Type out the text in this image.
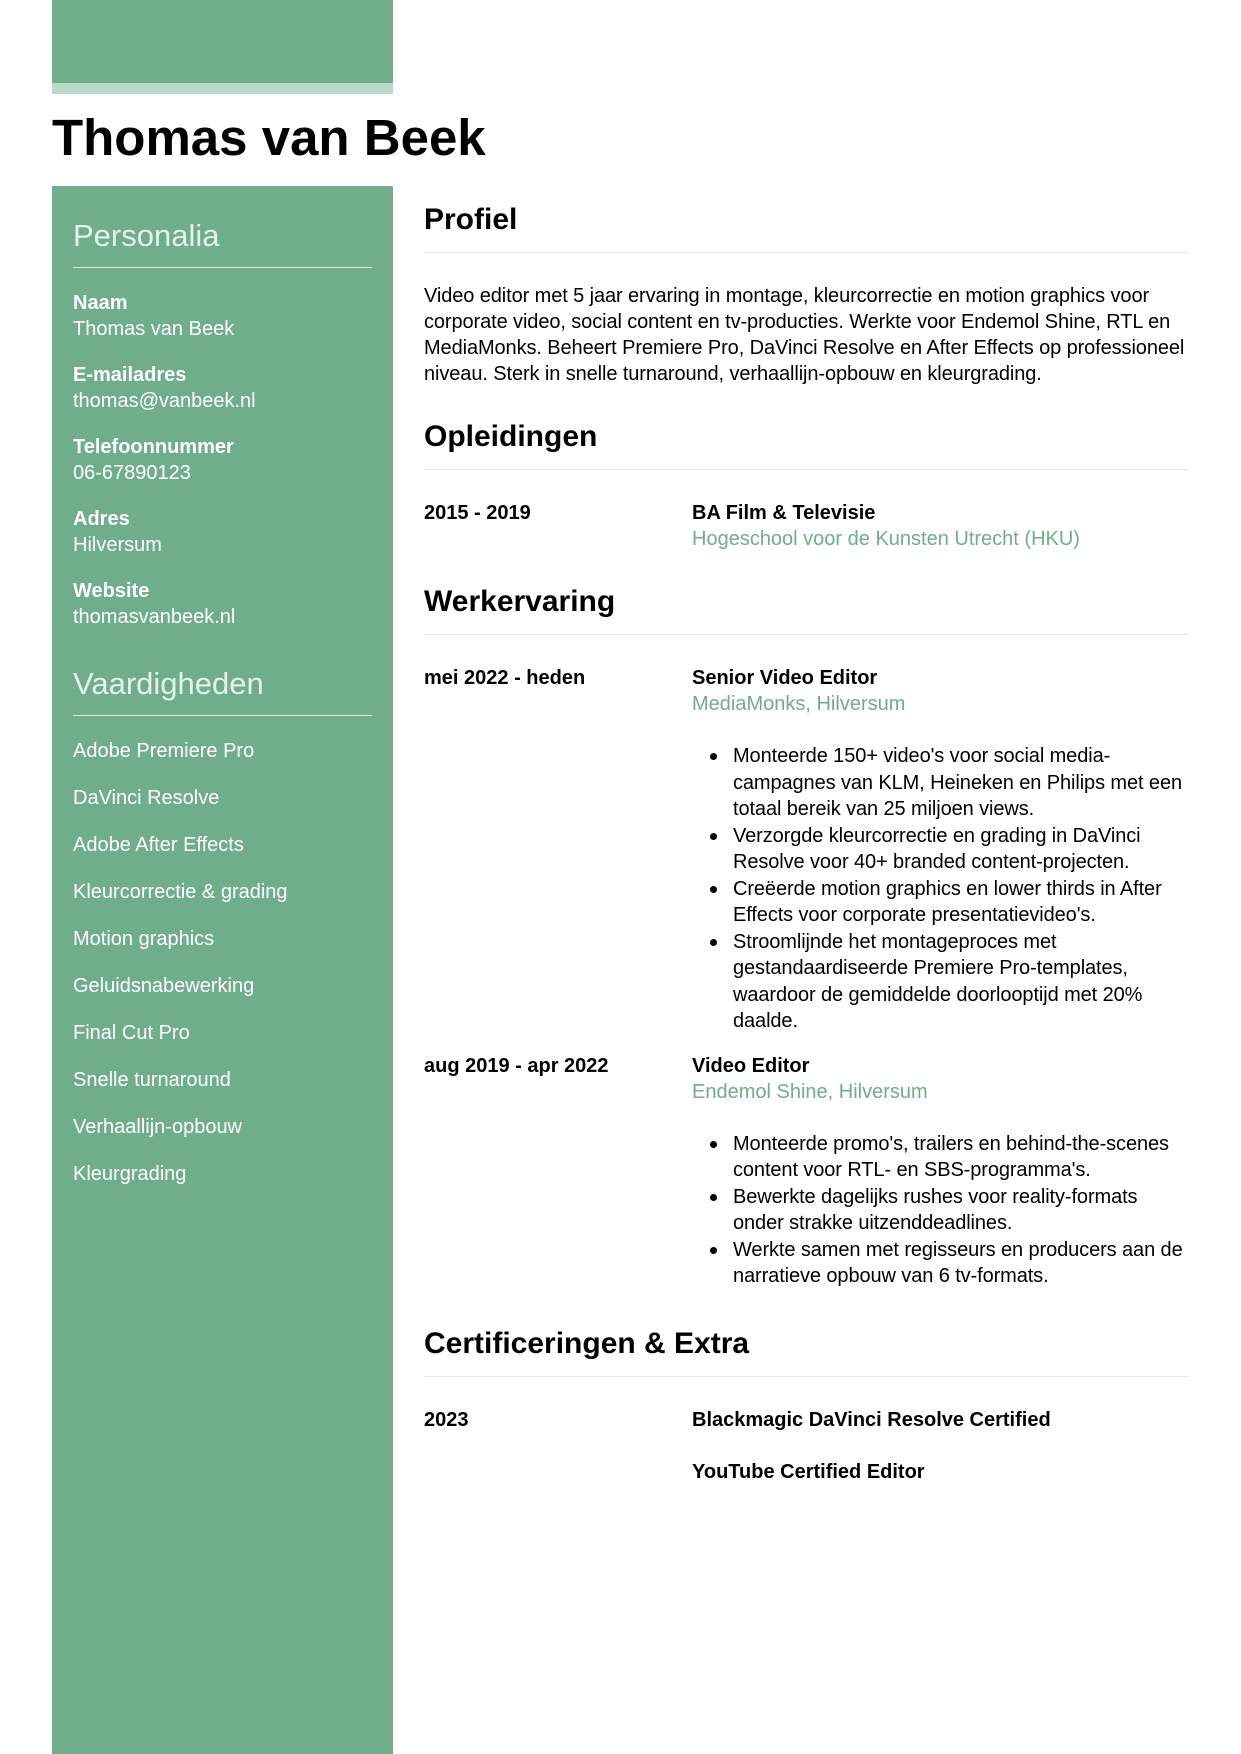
Thomas van Beek
Personalia
Naam
Thomas van Beek
E-mailadres
thomas@vanbeek.nl
Telefoonnummer
06-67890123
Adres
Hilversum
Website
thomasvanbeek.nl
Vaardigheden
Adobe Premiere Pro
DaVinci Resolve
Adobe After Effects
Kleurcorrectie & grading
Motion graphics
Geluidsnabewerking
Final Cut Pro
Snelle turnaround
Verhaallijn-opbouw
Kleurgrading
Profiel

Video editor met 5 jaar ervaring in montage, kleurcorrectie en motion graphics voor corporate video, social content en tv-producties. Werkte voor Endemol Shine, RTL en MediaMonks. Beheert Premiere Pro, DaVinci Resolve en After Effects op professioneel niveau. Sterk in snelle turnaround, verhaallijn-opbouw en kleurgrading.

Opleidingen
2015 - 2019	BA Film & Televisie
Hogeschool voor de Kunsten Utrecht (HKU)
Werkervaring
mei 2022 - heden	Senior Video Editor
MediaMonks, Hilversum
Monteerde 150+ video's voor social media-campagnes van KLM, Heineken en Philips met een totaal bereik van 25 miljoen views.
Verzorgde kleurcorrectie en grading in DaVinci Resolve voor 40+ branded content-projecten.
Creëerde motion graphics en lower thirds in After Effects voor corporate presentatievideo's.
Stroomlijnde het montageproces met gestandaardiseerde Premiere Pro-templates, waardoor de gemiddelde doorlooptijd met 20% daalde.
aug 2019 - apr 2022	Video Editor
Endemol Shine, Hilversum
Monteerde promo's, trailers en behind-the-scenes content voor RTL- en SBS-programma's.
Bewerkte dagelijks rushes voor reality-formats onder strakke uitzenddeadlines.
Werkte samen met regisseurs en producers aan de narratieve opbouw van 6 tv-formats.
Certificeringen & Extra
2023	Blackmagic DaVinci Resolve Certified
YouTube Certified Editor
